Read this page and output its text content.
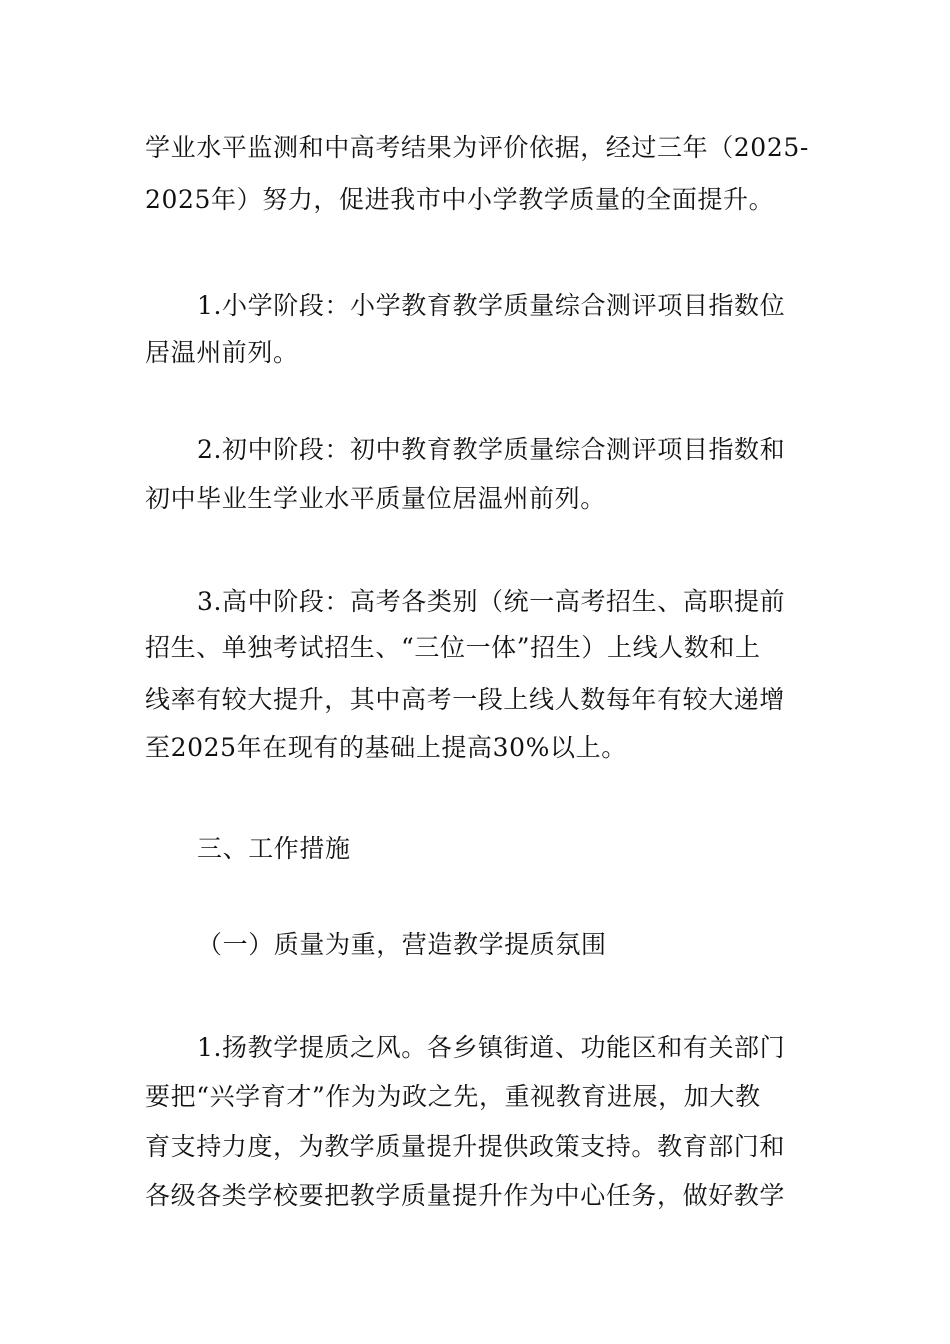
学业水平监测和中高考结果为评价依据，经过三年（2025-
2025年）努力，促进我市中小学教学质量的全面提升。
1.小学阶段：小学教育教学质量综合测评项目指数位
居温州前列。
2.初中阶段：初中教育教学质量综合测评项目指数和
初中毕业生学业水平质量位居温州前列。
3.高中阶段：高考各类别（统一高考招生、高职提前
招生、单独考试招生、“三位一体”招生）上线人数和上
线率有较大提升，其中高考一段上线人数每年有较大递增
至2025年在现有的基础上提高30%以上。
三、工作措施
（一）质量为重，营造教学提质氛围
1.扬教学提质之风。各乡镇街道、功能区和有关部门
要把“兴学育才”作为为政之先，重视教育进展，加大教
育支持力度，为教学质量提升提供政策支持。教育部门和
各级各类学校要把教学质量提升作为中心任务，做好教学
